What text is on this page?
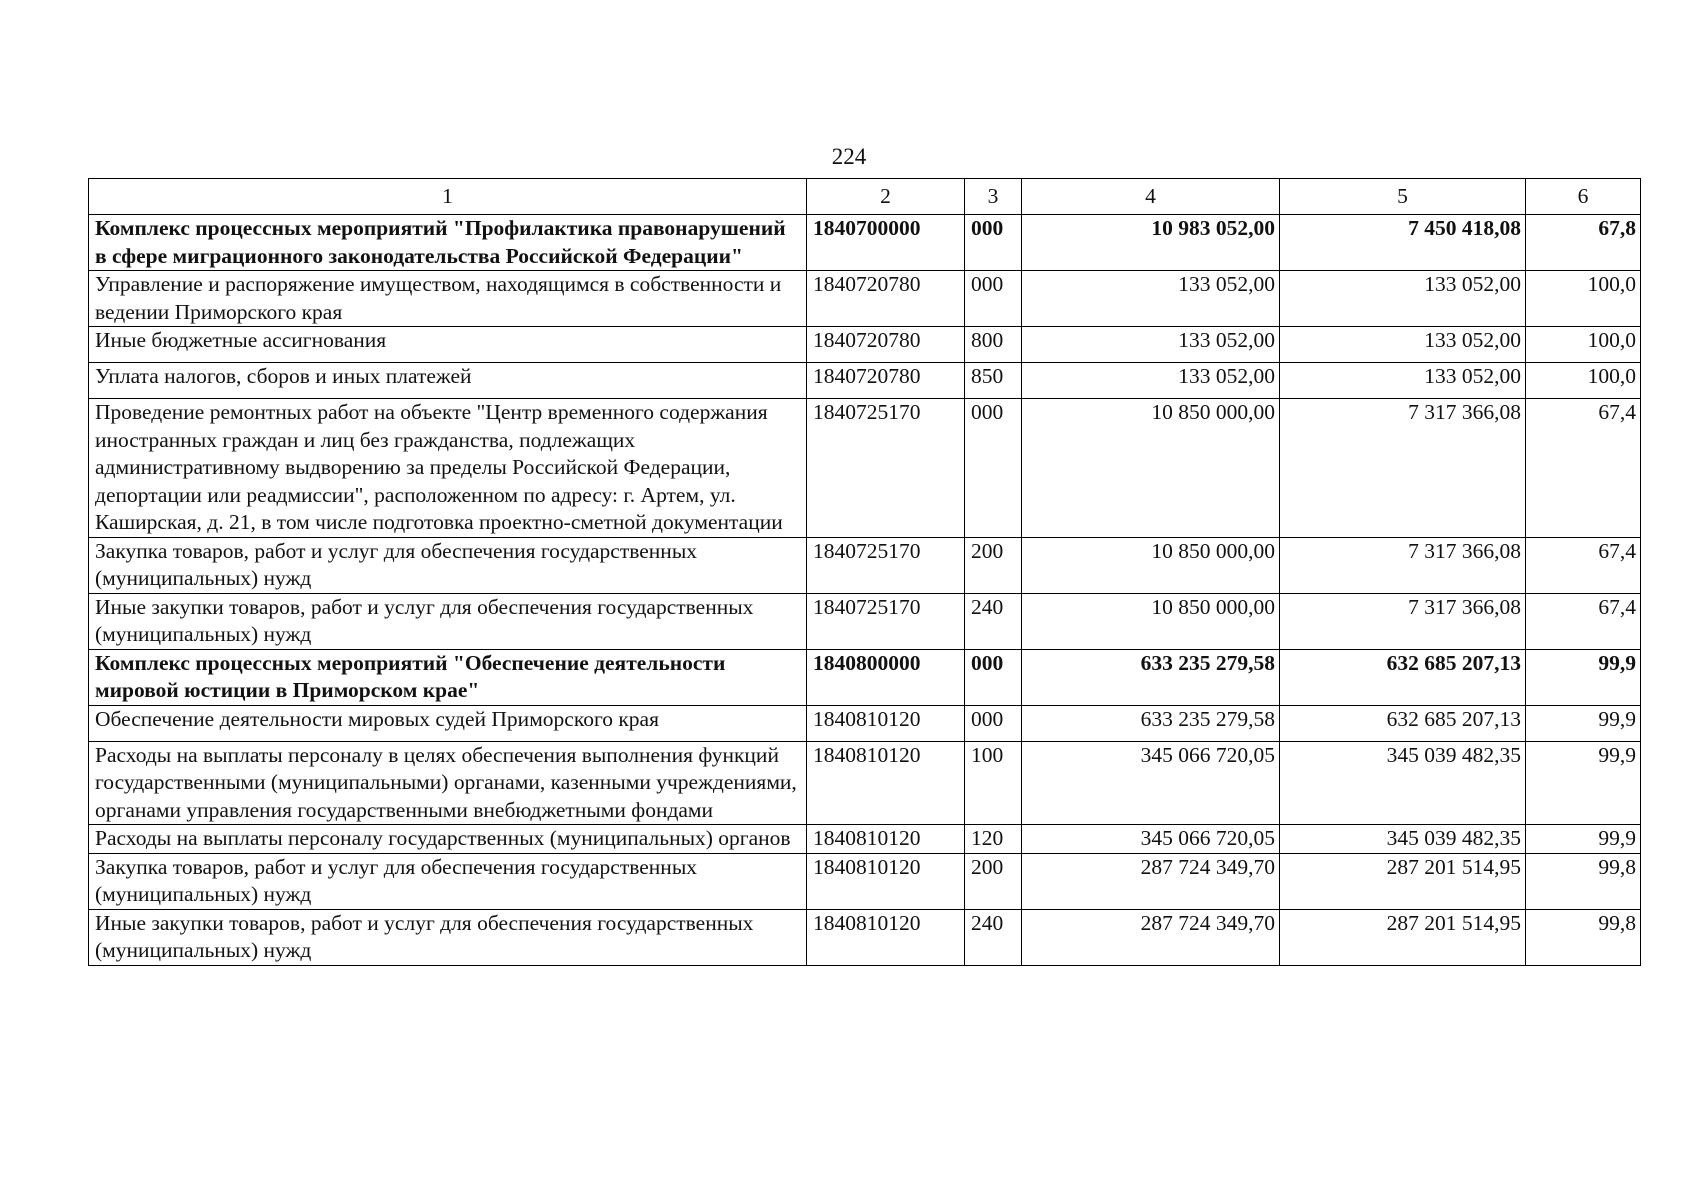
224
1	2	3	4	5	6
Комплекс процессных мероприятий "Профилактика правонарушений в сфере миграционного законодательства Российской Федерации"	1840700000	000	10 983 052,00	7 450 418,08	67,8
Управление и распоряжение имуществом, находящимся в собственности и ведении Приморского края	1840720780	000	133 052,00	133 052,00	100,0
Иные бюджетные ассигнования	1840720780	800	133 052,00	133 052,00	100,0
Уплата налогов, сборов и иных платежей	1840720780	850	133 052,00	133 052,00	100,0
Проведение ремонтных работ на объекте "Центр временного содержания иностранных граждан и лиц без гражданства, подлежащих административному выдворению за пределы Российской Федерации, депортации или реадмиссии", расположенном по адресу: г. Артем, ул. Каширская, д. 21, в том числе подготовка проектно-сметной документации	1840725170	000	10 850 000,00	7 317 366,08	67,4
Закупка товаров, работ и услуг для обеспечения государственных (муниципальных) нужд	1840725170	200	10 850 000,00	7 317 366,08	67,4
Иные закупки товаров, работ и услуг для обеспечения государственных (муниципальных) нужд	1840725170	240	10 850 000,00	7 317 366,08	67,4
Комплекс процессных мероприятий "Обеспечение деятельности мировой юстиции в Приморском крае"	1840800000	000	633 235 279,58	632 685 207,13	99,9
Обеспечение деятельности мировых судей Приморского края	1840810120	000	633 235 279,58	632 685 207,13	99,9
Расходы на выплаты персоналу в целях обеспечения выполнения функций государственными (муниципальными) органами, казенными учреждениями, органами управления государственными внебюджетными фондами	1840810120	100	345 066 720,05	345 039 482,35	99,9
Расходы на выплаты персоналу государственных (муниципальных) органов	1840810120	120	345 066 720,05	345 039 482,35	99,9
Закупка товаров, работ и услуг для обеспечения государственных (муниципальных) нужд	1840810120	200	287 724 349,70	287 201 514,95	99,8
Иные закупки товаров, работ и услуг для обеспечения государственных (муниципальных) нужд	1840810120	240	287 724 349,70	287 201 514,95	99,8
